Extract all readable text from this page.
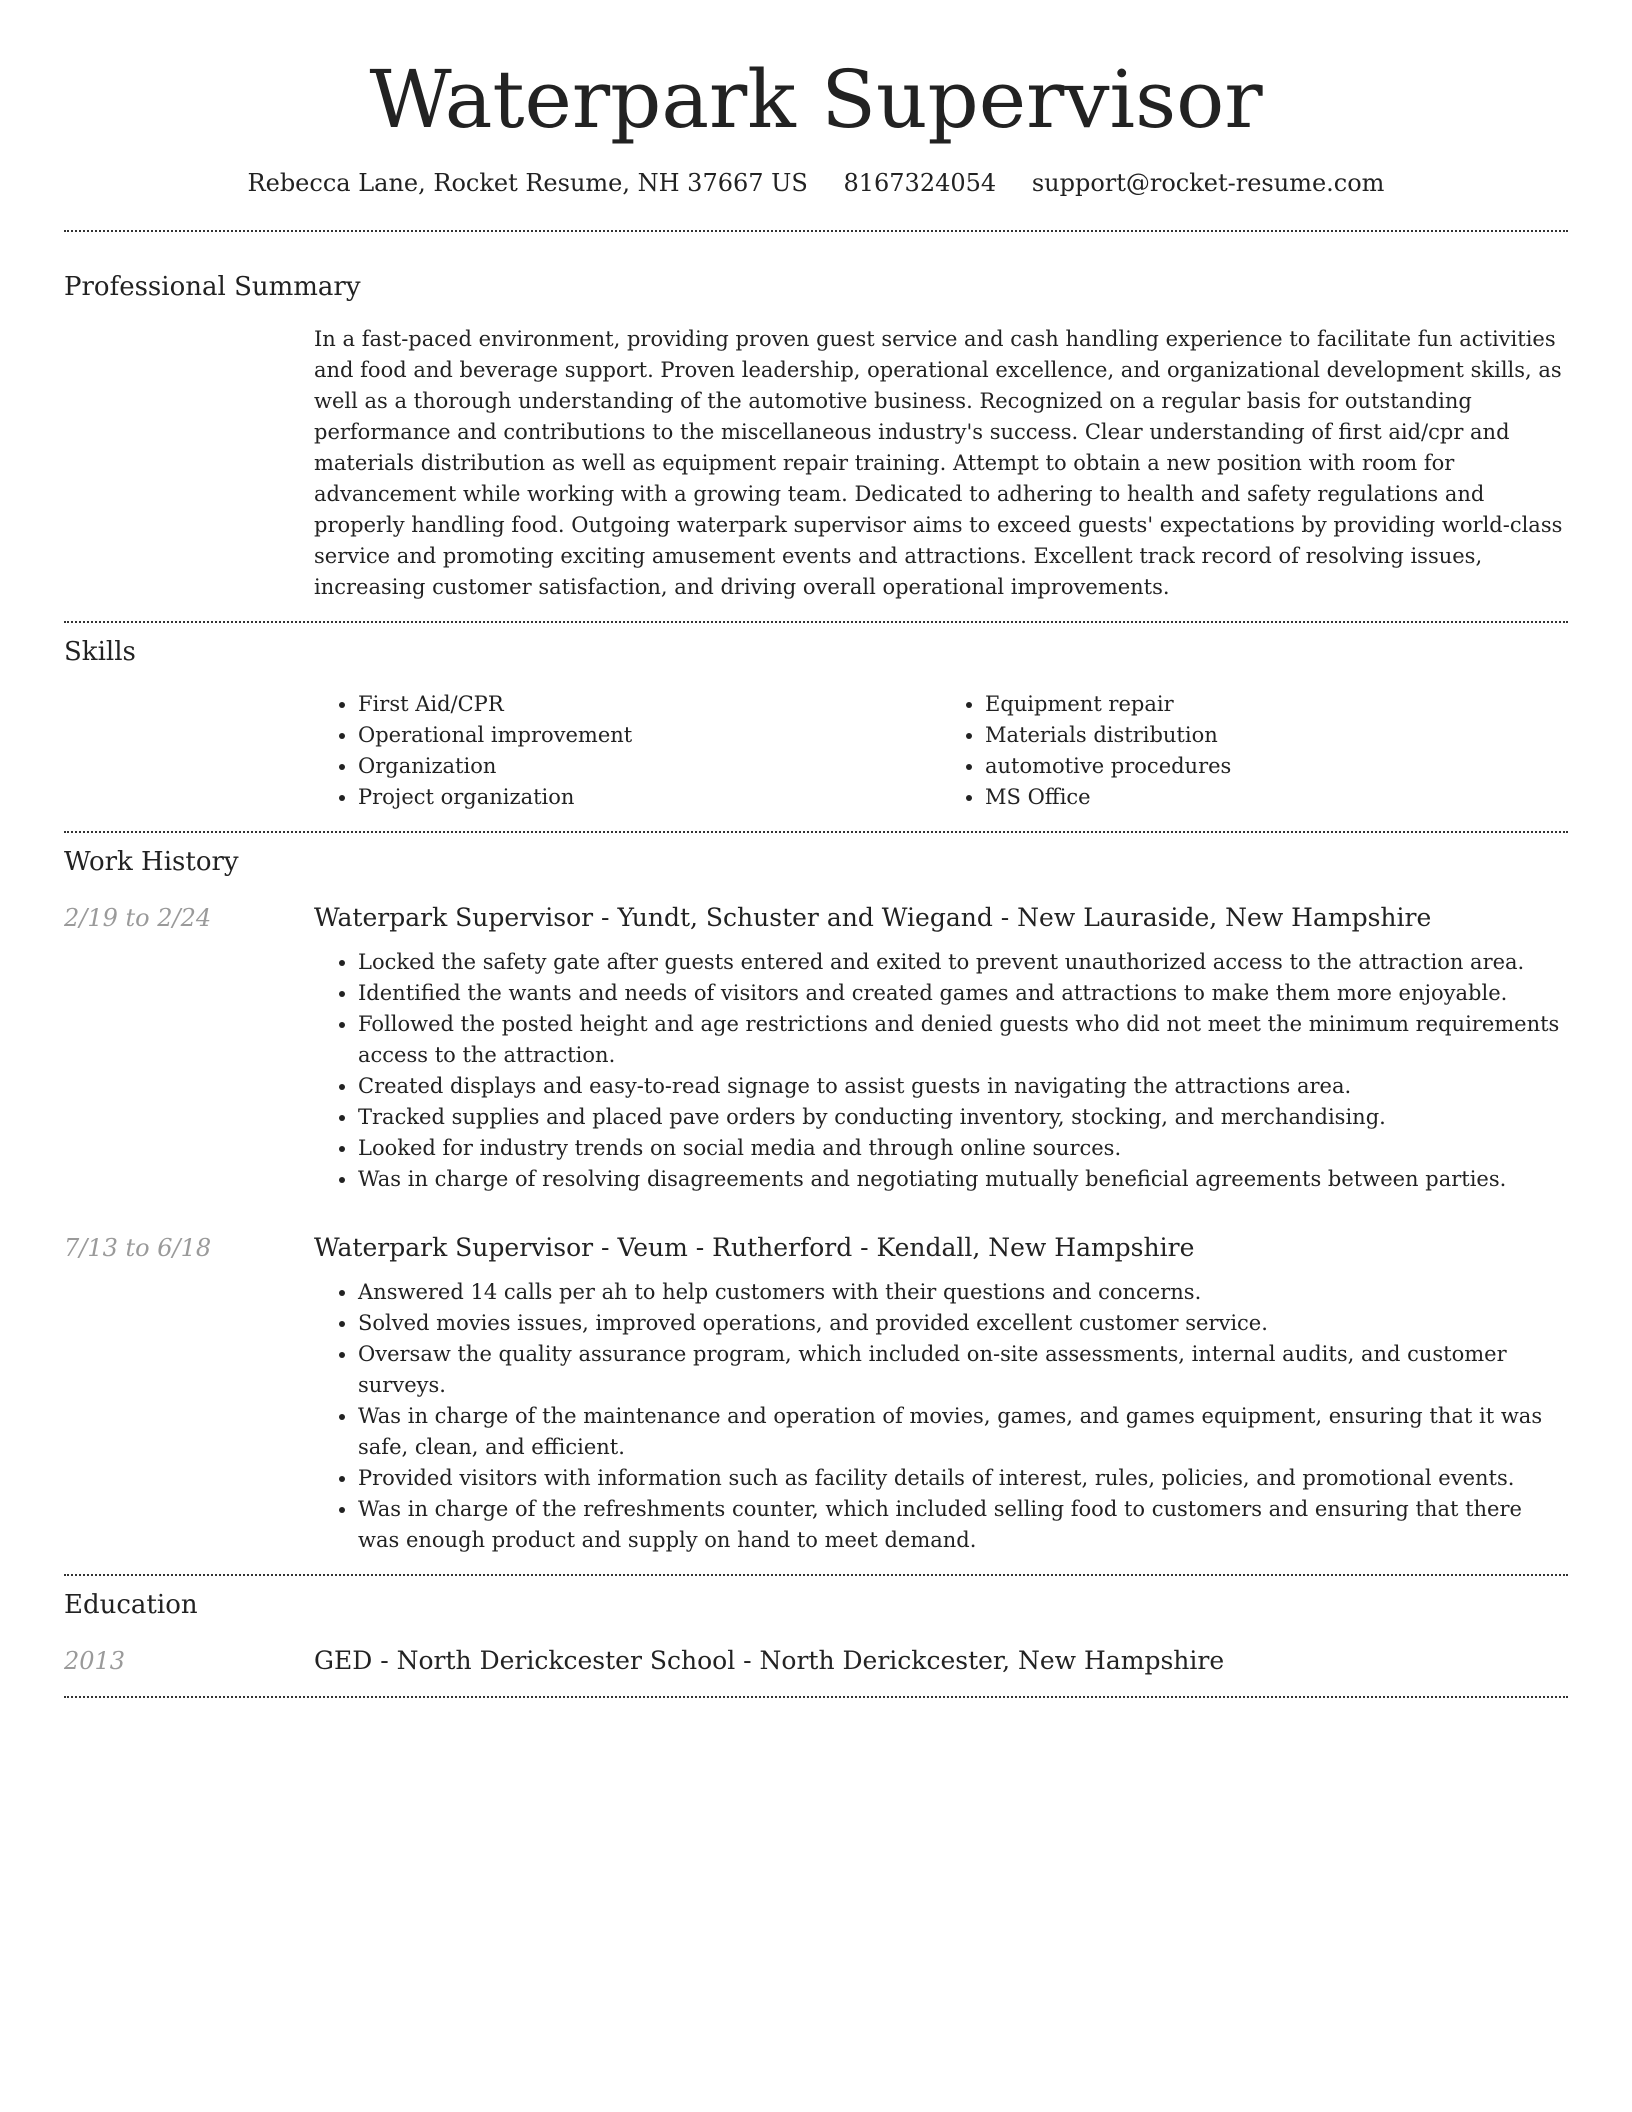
Waterpark Supervisor
Rebecca Lane, Rocket Resume, NH 37667 US 8167324054 support@rocket-resume.com
Professional Summary

In a fast-paced environment, providing proven guest service and cash handling experience to facilitate fun activities and food and beverage support. Proven leadership, operational excellence, and organizational development skills, as well as a thorough understanding of the automotive business. Recognized on a regular basis for outstanding performance and contributions to the miscellaneous industry's success. Clear understanding of first aid/cpr and materials distribution as well as equipment repair training. Attempt to obtain a new position with room for advancement while working with a growing team. Dedicated to adhering to health and safety regulations and properly handling food. Outgoing waterpark supervisor aims to exceed guests' expectations by providing world-class service and promoting exciting amusement events and attractions. Excellent track record of resolving issues, increasing customer satisfaction, and driving overall operational improvements.

Skills
• First Aid/CPR
• Operational improvement
• Organization
• Project organization
• Equipment repair
• Materials distribution
• automotive procedures
• MS Office
Work History
2/19 to 2/24	Waterpark Supervisor - Yundt, Schuster and Wiegand - New Lauraside, New Hampshire
• Locked the safety gate after guests entered and exited to prevent unauthorized access to the attraction area.
• Identified the wants and needs of visitors and created games and attractions to make them more enjoyable.
• Followed the posted height and age restrictions and denied guests who did not meet the minimum requirements access to the attraction.
• Created displays and easy-to-read signage to assist guests in navigating the attractions area.
• Tracked supplies and placed pave orders by conducting inventory, stocking, and merchandising.
• Looked for industry trends on social media and through online sources.
• Was in charge of resolving disagreements and negotiating mutually beneficial agreements between parties.
7/13 to 6/18	Waterpark Supervisor - Veum - Rutherford - Kendall, New Hampshire
• Answered 14 calls per ah to help customers with their questions and concerns.
• Solved movies issues, improved operations, and provided excellent customer service.
• Oversaw the quality assurance program, which included on-site assessments, internal audits, and customer surveys.
• Was in charge of the maintenance and operation of movies, games, and games equipment, ensuring that it was safe, clean, and efficient.
• Provided visitors with information such as facility details of interest, rules, policies, and promotional events.
• Was in charge of the refreshments counter, which included selling food to customers and ensuring that there was enough product and supply on hand to meet demand.
Education
2013	GED - North Derickcester School - North Derickcester, New Hampshire
